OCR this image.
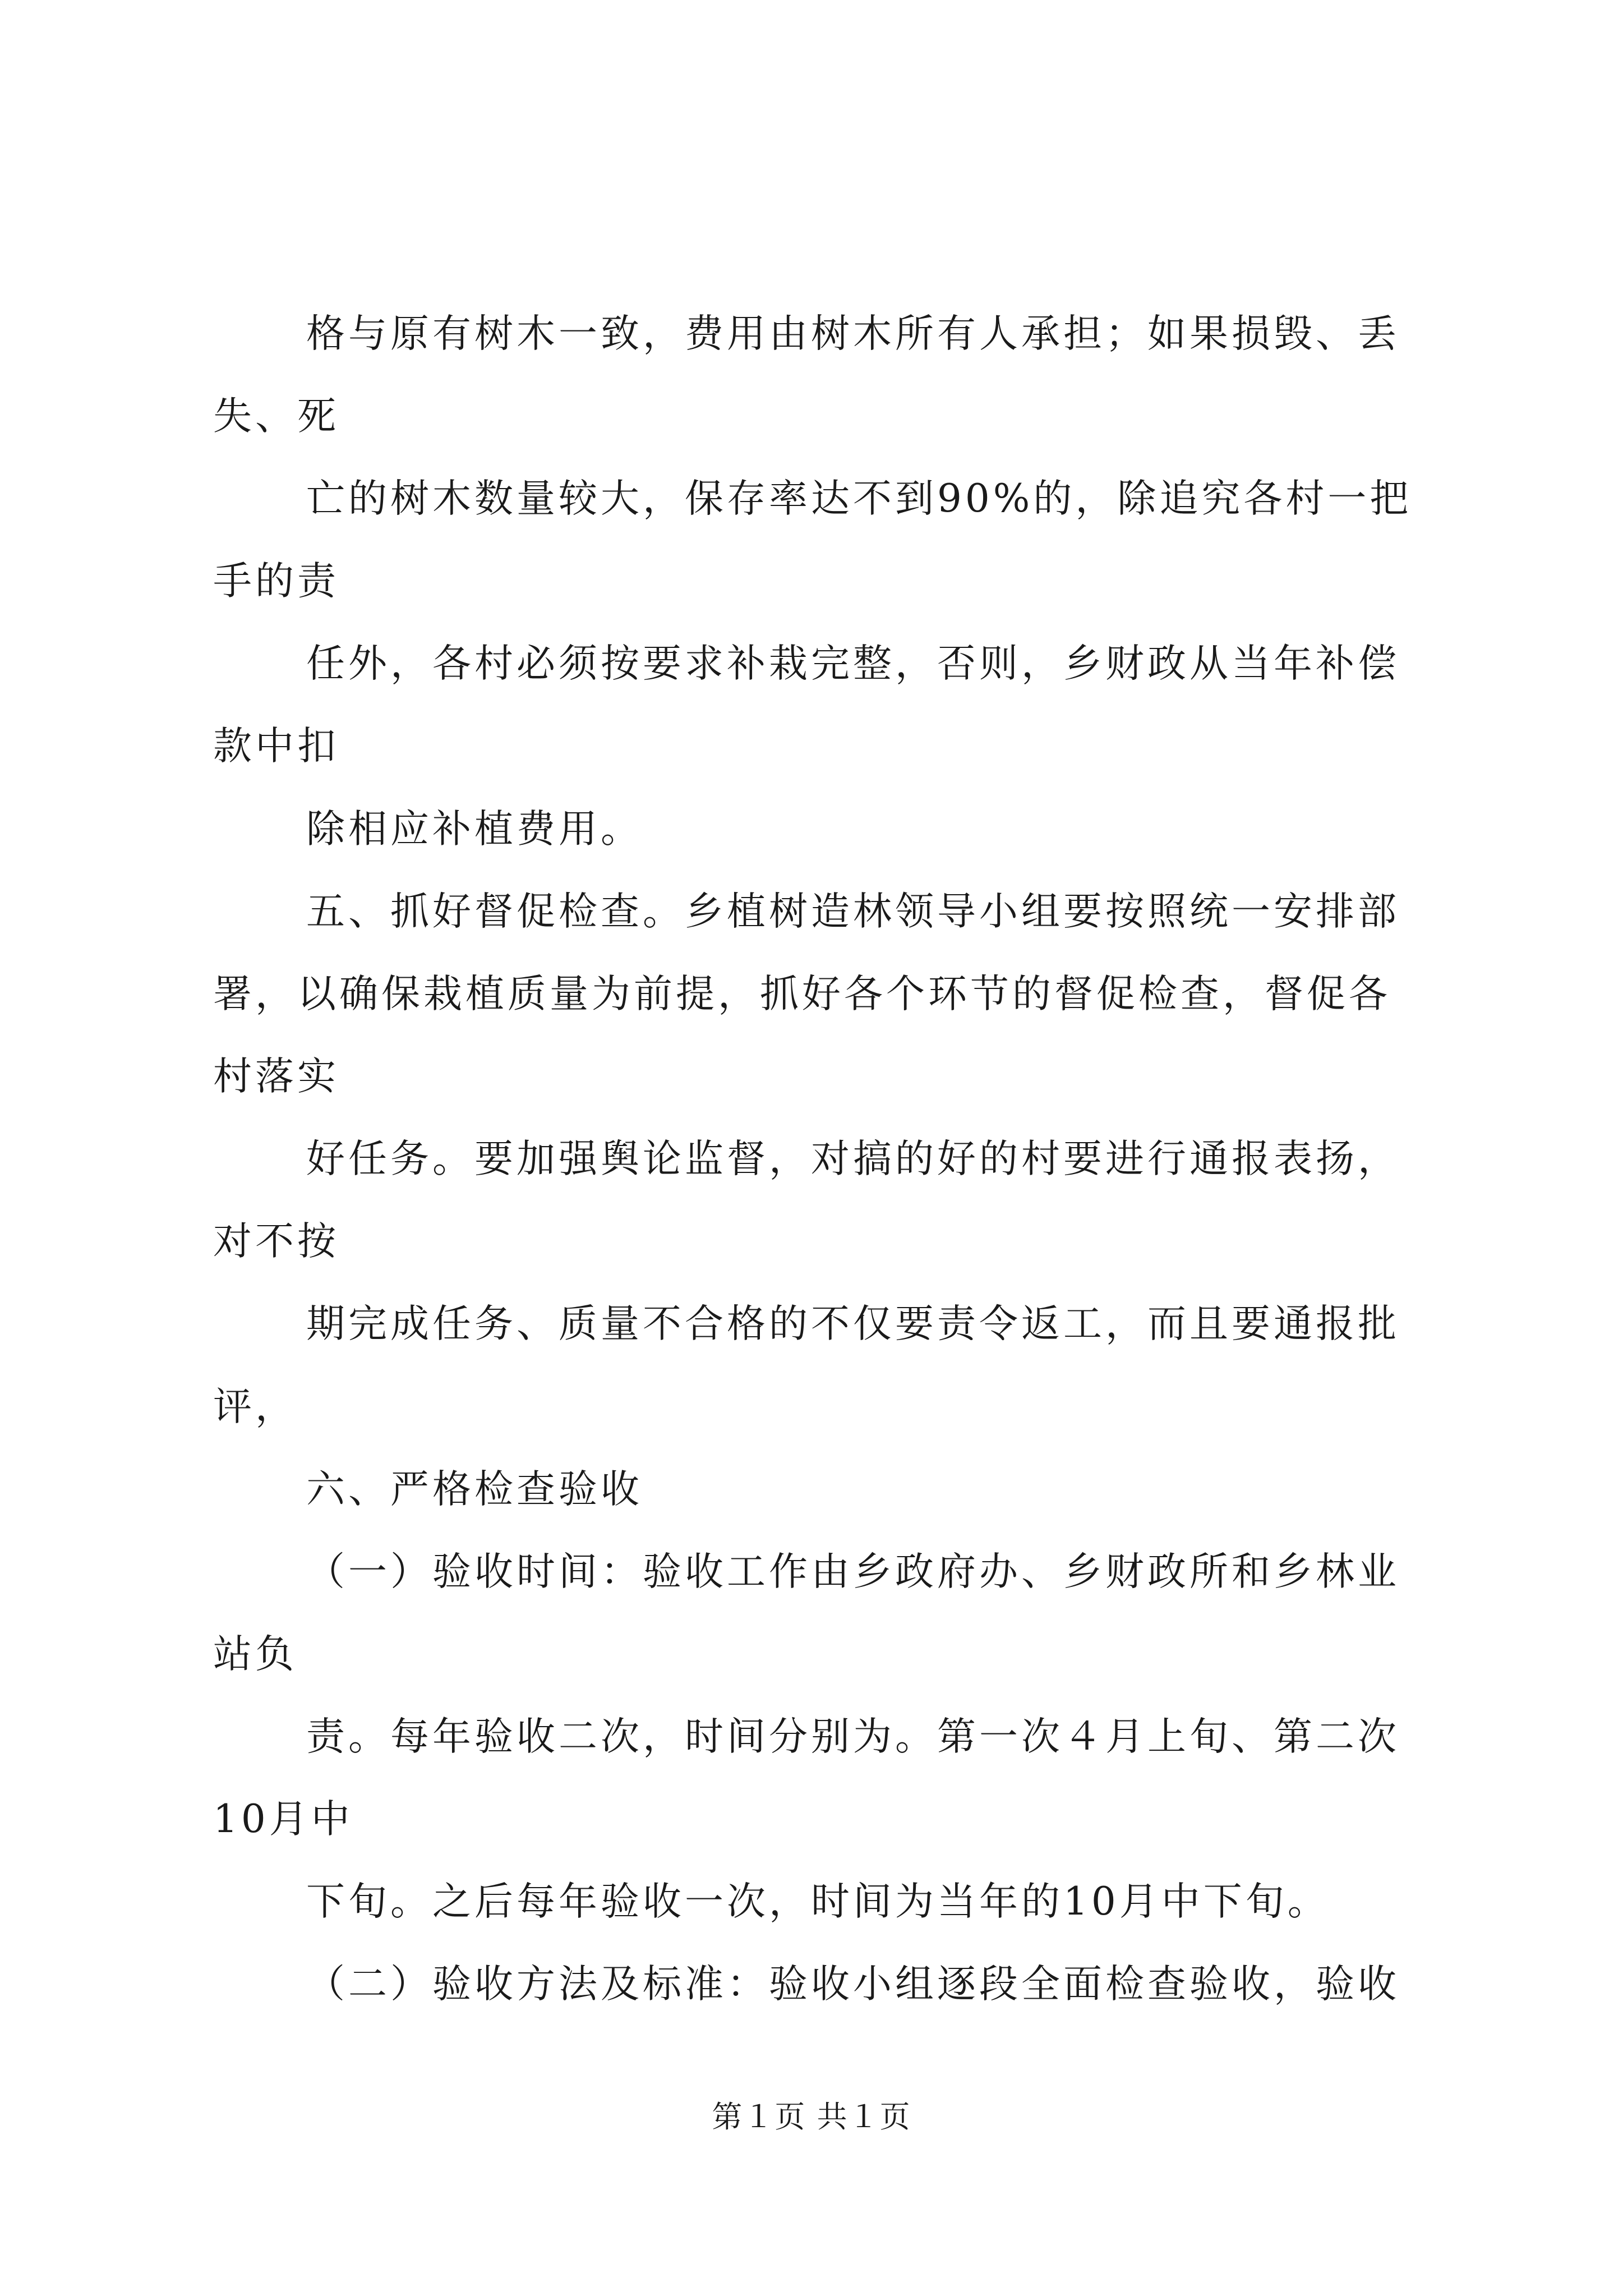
格与原有树木一致，费用由树木所有人承担；如果损毁、丢
失、死
亡的树木数量较大，保存率达不到90%的，除追究各村一把
手的责
任外，各村必须按要求补栽完整，否则，乡财政从当年补偿
款中扣
除相应补植费用。
五、抓好督促检查。乡植树造林领导小组要按照统一安排部
署，以确保栽植质量为前提，抓好各个环节的督促检查，督促各
村落实
好任务。要加强舆论监督，对搞的好的村要进行通报表扬，
对不按
期完成任务、质量不合格的不仅要责令返工，而且要通报批
评，
六、严格检查验收
（一）验收时间：验收工作由乡政府办、乡财政所和乡林业
站负
责。每年验收二次，时间分别为。第一次４月上旬、第二次
10月中
下旬。之后每年验收一次，时间为当年的10月中下旬。
（二）验收方法及标准：验收小组逐段全面检查验收，验收
第１页 共１页
